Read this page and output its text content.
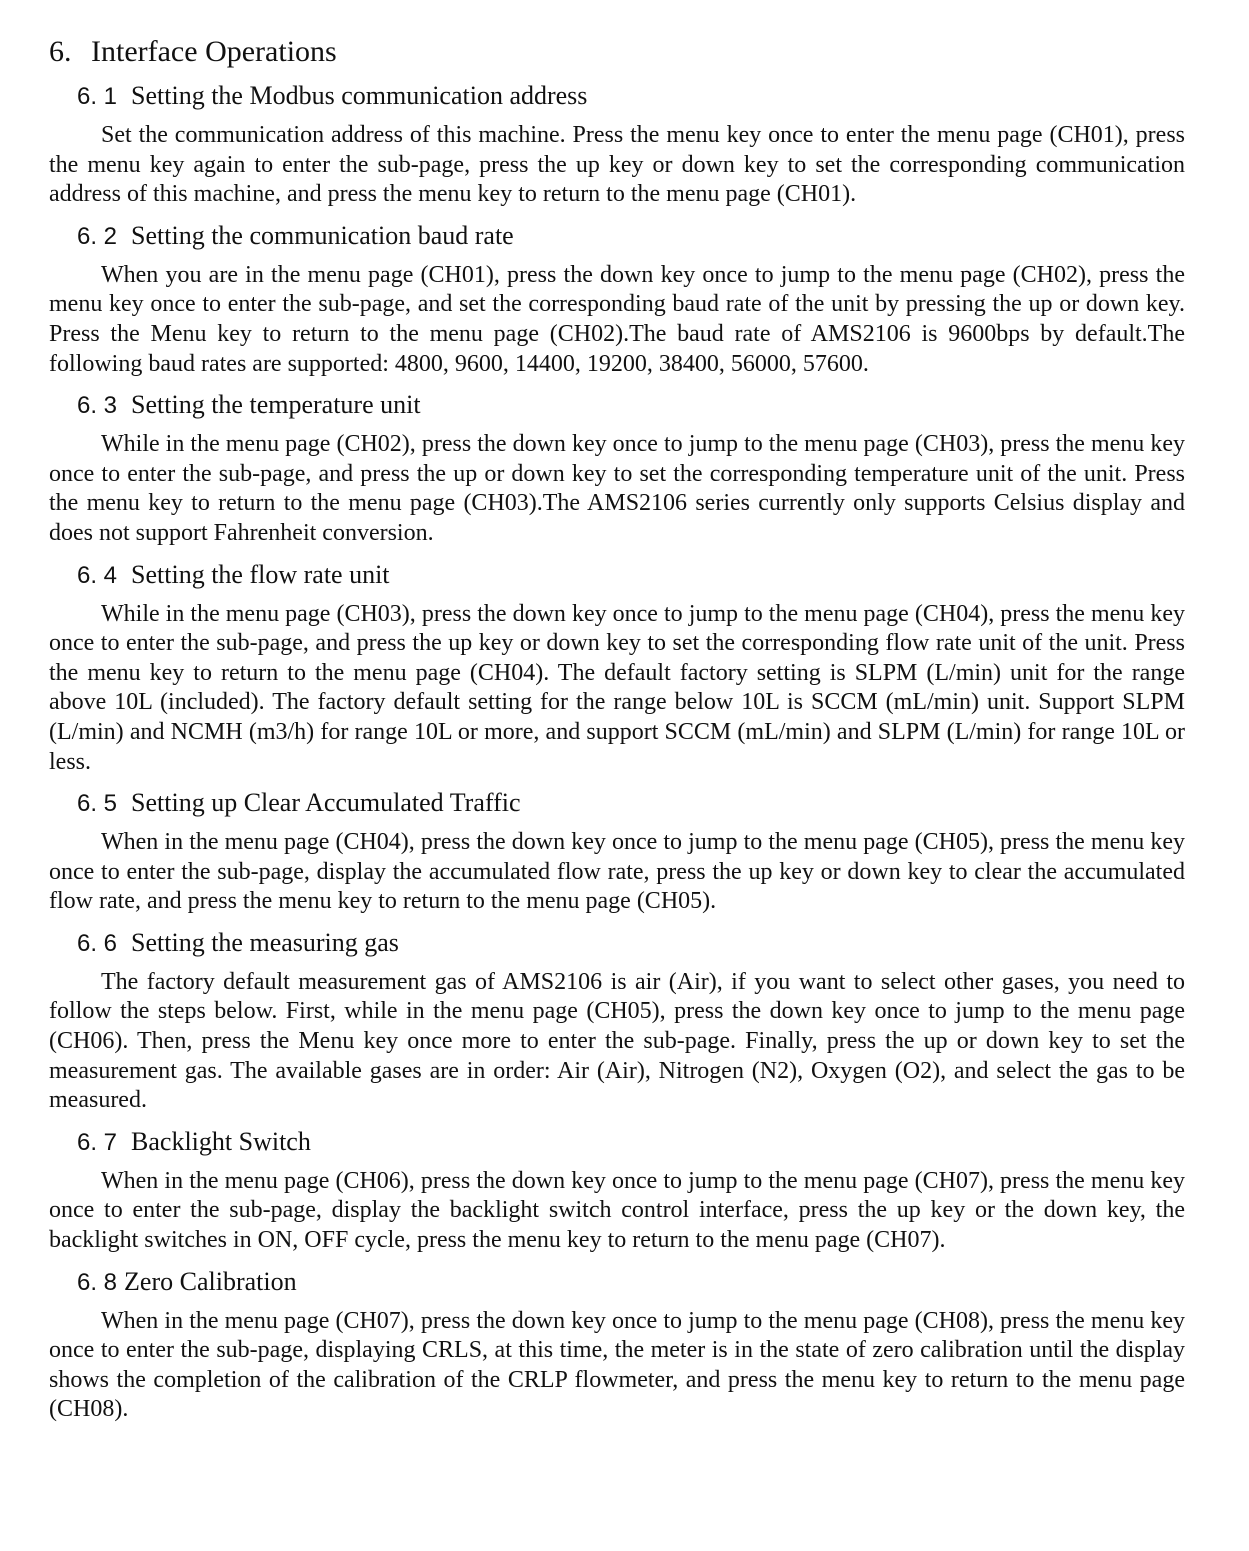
6. Interface Operations
6. 1 Setting the Modbus communication address

Set the communication address of this machine. Press the menu key once to enter the menu page (CH01), press the menu key again to enter the sub-page, press the up key or down key to set the corresponding communication address of this machine, and press the menu key to return to the menu page (CH01).

6. 2 Setting the communication baud rate

When you are in the menu page (CH01), press the down key once to jump to the menu page (CH02), press the menu key once to enter the sub-page, and set the corresponding baud rate of the unit by pressing the up or down key. Press the Menu key to return to the menu page (CH02).The baud rate of AMS2106 is 9600bps by default.The following baud rates are supported: 4800, 9600, 14400, 19200, 38400, 56000, 57600.

6. 3 Setting the temperature unit

While in the menu page (CH02), press the down key once to jump to the menu page (CH03), press the menu key once to enter the sub-page, and press the up or down key to set the corresponding temperature unit of the unit. Press the menu key to return to the menu page (CH03).The AMS2106 series currently only supports Celsius display and does not support Fahrenheit conversion.

6. 4 Setting the flow rate unit

While in the menu page (CH03), press the down key once to jump to the menu page (CH04), press the menu key once to enter the sub-page, and press the up key or down key to set the corresponding flow rate unit of the unit. Press the menu key to return to the menu page (CH04). The default factory setting is SLPM (L/min) unit for the range above 10L (included). The factory default setting for the range below 10L is SCCM (mL/min) unit. Support SLPM (L/min) and NCMH (m3/h) for range 10L or more, and support SCCM (mL/min) and SLPM (L/min) for range 10L or less.

6. 5 Setting up Clear Accumulated Traffic

When in the menu page (CH04), press the down key once to jump to the menu page (CH05), press the menu key once to enter the sub-page, display the accumulated flow rate, press the up key or down key to clear the accumulated flow rate, and press the menu key to return to the menu page (CH05).

6. 6 Setting the measuring gas

The factory default measurement gas of AMS2106 is air (Air), if you want to select other gases, you need to follow the steps below. First, while in the menu page (CH05), press the down key once to jump to the menu page (CH06). Then, press the Menu key once more to enter the sub-page. Finally, press the up or down key to set the measurement gas. The available gases are in order: Air (Air), Nitrogen (N2), Oxygen (O2), and select the gas to be measured.

6. 7 Backlight Switch

When in the menu page (CH06), press the down key once to jump to the menu page (CH07), press the menu key once to enter the sub-page, display the backlight switch control interface, press the up key or the down key, the backlight switches in ON, OFF cycle, press the menu key to return to the menu page (CH07).

6. 8 Zero Calibration

When in the menu page (CH07), press the down key once to jump to the menu page (CH08), press the menu key once to enter the sub-page, displaying CRLS, at this time, the meter is in the state of zero calibration until the display shows the completion of the calibration of the CRLP flowmeter, and press the menu key to return to the menu page (CH08).
